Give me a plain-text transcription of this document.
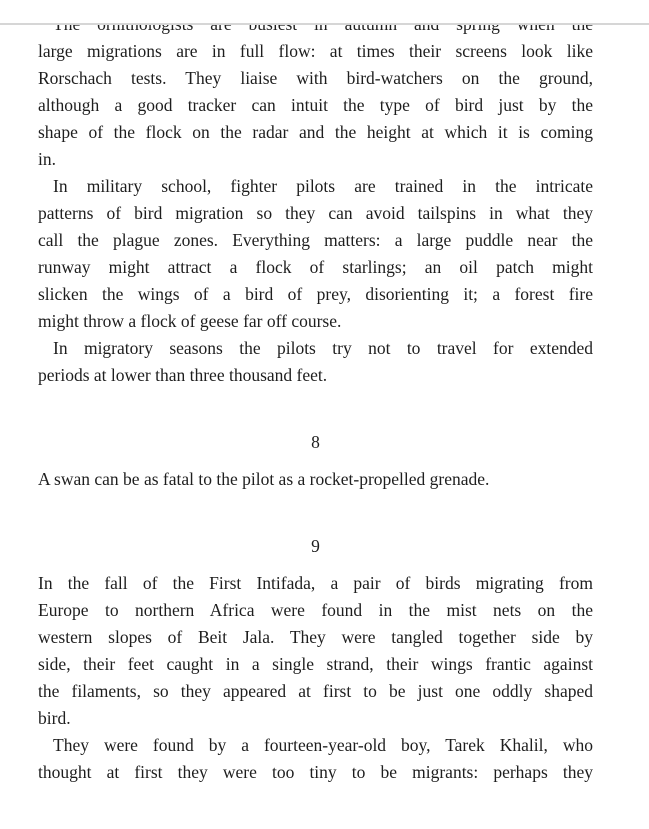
large migrations are in full flow: at times their screens look like
Rorschach tests. They liaise with bird-watchers on the ground,
although a good tracker can intuit the type of bird just by the
shape of the flock on the radar and the height at which it is coming
in.
In military school, fighter pilots are trained in the intricate
patterns of bird migration so they can avoid tailspins in what they
call the plague zones. Everything matters: a large puddle near the
runway might attract a flock of starlings; an oil patch might
slicken the wings of a bird of prey, disorienting it; a forest fire
might throw a flock of geese far off course.
In migratory seasons the pilots try not to travel for extended
periods at lower than three thousand feet.
8
A swan can be as fatal to the pilot as a rocket-propelled grenade.
9
In the fall of the First Intifada, a pair of birds migrating from
Europe to northern Africa were found in the mist nets on the
western slopes of Beit Jala. They were tangled together side by
side, their feet caught in a single strand, their wings frantic against
the filaments, so they appeared at first to be just one oddly shaped
bird.
They were found by a fourteen-year-old boy, Tarek Khalil, who
thought at first they were too tiny to be migrants: perhaps they
